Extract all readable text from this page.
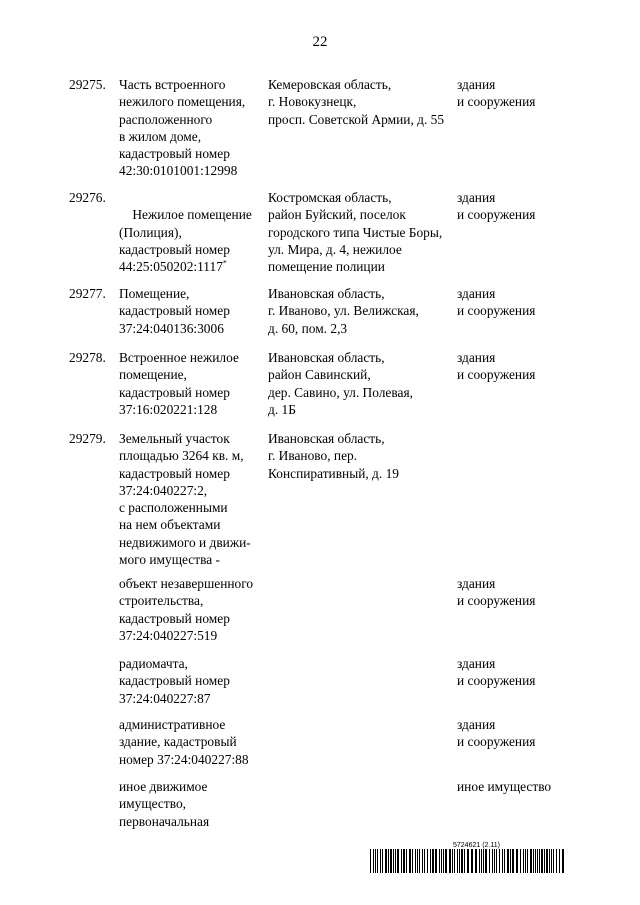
22
29275. Часть встроенного
нежилого помещения,
расположенного
в жилом доме,
кадастровый номер
42:30:0101001:12998
Кемеровская область,
г. Новокузнецк,
просп. Советской Армии, д. 55
здания
и сооружения
29276.

Нежилое помещение
(Полиция),
кадастровый номер
44:25:050202:1117*

Костромская область,
район Буйский, поселок
городского типа Чистые Боры,
ул. Мира, д. 4, нежилое
помещение полиции
здания
и сооружения
29277. Помещение,
кадастровый номер
37:24:040136:3006
Ивановская область,
г. Иваново, ул. Велижская,
д. 60, пом. 2,3
здания
и сооружения
29278. Встроенное нежилое
помещение,
кадастровый номер
37:16:020221:128
Ивановская область,
район Савинский,
дер. Савино, ул. Полевая,
д. 1Б
здания
и сооружения
29279. Земельный участок
площадью 3264 кв. м,
кадастровый номер
37:24:040227:2,
с расположенными
на нем объектами
недвижимого и движи-
мого имущества -
Ивановская область,
г. Иваново, пер.
Конспиративный, д. 19
объект незавершенного
строительства,
кадастровый номер
37:24:040227:519
здания
и сооружения
радиомачта,
кадастровый номер
37:24:040227:87
здания
и сооружения
административное
здание, кадастровый
номер 37:24:040227:88
здания
и сооружения
иное движимое
имущество,
первоначальная
иное имущество
5724621 (2.11)
